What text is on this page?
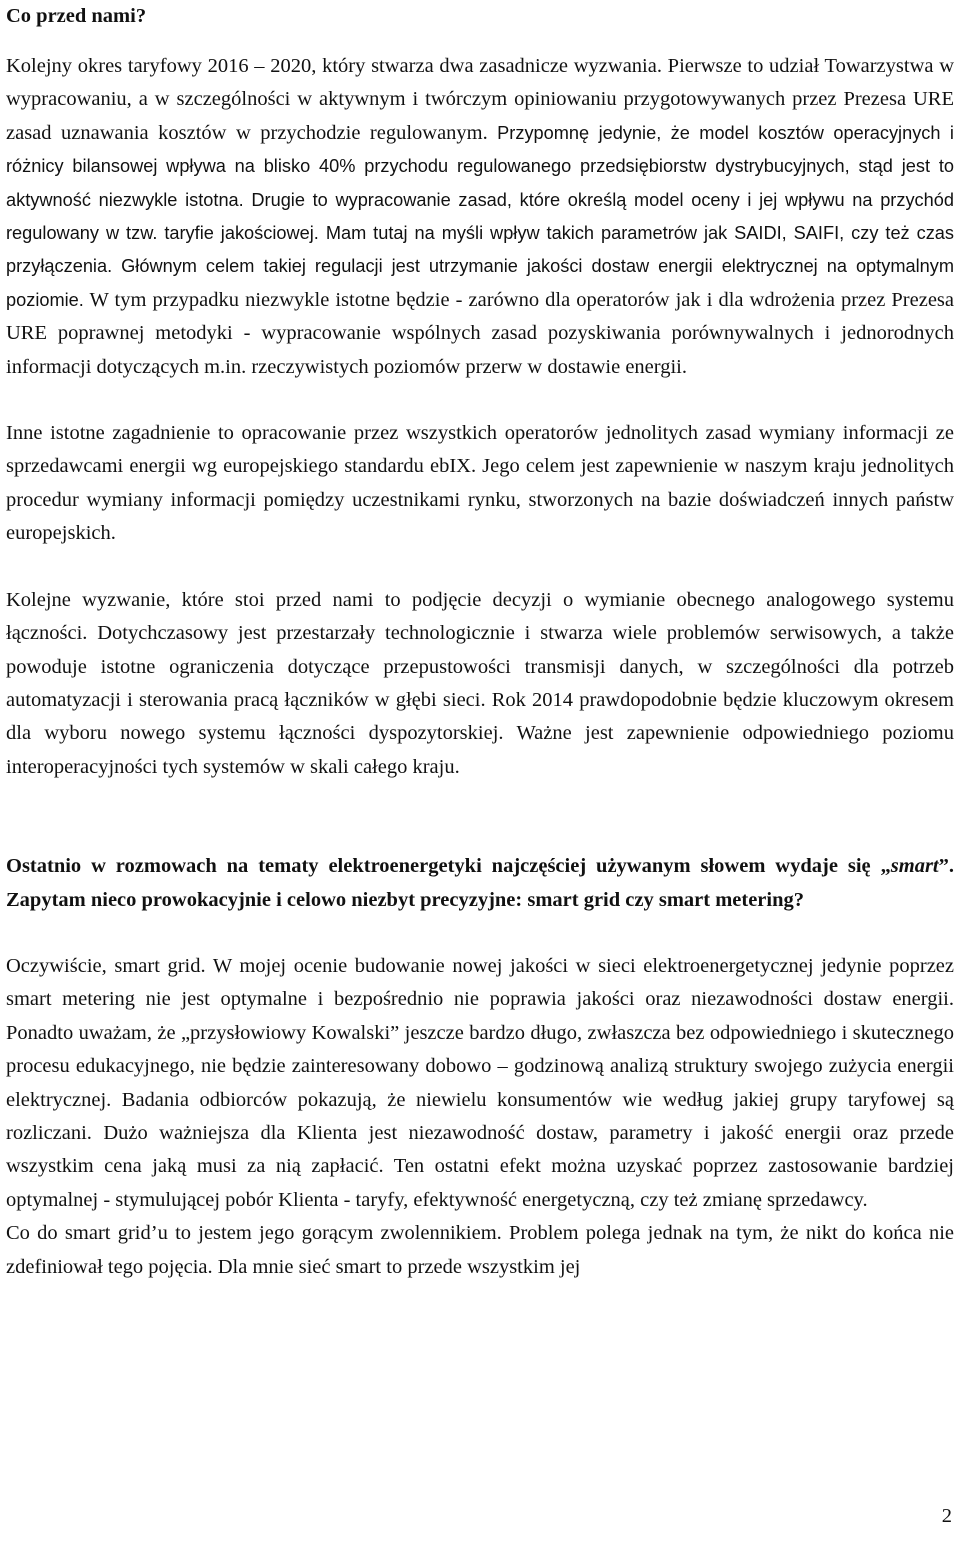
Co przed nami?

Kolejny okres taryfowy 2016 – 2020, który stwarza dwa zasadnicze wyzwania. Pierwsze to udział Towarzystwa w wypracowaniu, a w szczególności w aktywnym i twórczym opiniowaniu przygotowywanych przez Prezesa URE zasad uznawania kosztów w przychodzie regulowanym. Przypomnę jedynie, że model kosztów operacyjnych i różnicy bilansowej wpływa na blisko 40% przychodu regulowanego przedsiębiorstw dystrybucyjnych, stąd jest to aktywność niezwykle istotna. Drugie to wypracowanie zasad, które określą model oceny i jej wpływu na przychód regulowany w tzw. taryfie jakościowej. Mam tutaj na myśli wpływ takich parametrów jak SAIDI, SAIFI, czy też czas przyłączenia. Głównym celem takiej regulacji jest utrzymanie jakości dostaw energii elektrycznej na optymalnym poziomie. W tym przypadku niezwykle istotne będzie - zarówno dla operatorów jak i dla wdrożenia przez Prezesa URE poprawnej metodyki - wypracowanie wspólnych zasad pozyskiwania porównywalnych i jednorodnych informacji dotyczących m.in. rzeczywistych poziomów przerw w dostawie energii.

Inne istotne zagadnienie to opracowanie przez wszystkich operatorów jednolitych zasad wymiany informacji ze sprzedawcami energii wg europejskiego standardu ebIX. Jego celem jest zapewnienie w naszym kraju jednolitych procedur wymiany informacji pomiędzy uczestnikami rynku, stworzonych na bazie doświadczeń innych państw europejskich.

Kolejne wyzwanie, które stoi przed nami to podjęcie decyzji o wymianie obecnego analogowego systemu łączności. Dotychczasowy jest przestarzały technologicznie i stwarza wiele problemów serwisowych, a także powoduje istotne ograniczenia dotyczące przepustowości transmisji danych, w szczególności dla potrzeb automatyzacji i sterowania pracą łączników w głębi sieci. Rok 2014 prawdopodobnie będzie kluczowym okresem dla wyboru nowego systemu łączności dyspozytorskiej. Ważne jest zapewnienie odpowiedniego poziomu interoperacyjności tych systemów w skali całego kraju.

Ostatnio w rozmowach na tematy elektroenergetyki najczęściej używanym słowem wydaje się „smart”. Zapytam nieco prowokacyjnie i celowo niezbyt precyzyjne: smart grid czy smart metering?

Oczywiście, smart grid. W mojej ocenie budowanie nowej jakości w sieci elektroenergetycznej jedynie poprzez smart metering nie jest optymalne i bezpośrednio nie poprawia jakości oraz niezawodności dostaw energii. Ponadto uważam, że „przysłowiowy Kowalski” jeszcze bardzo długo, zwłaszcza bez odpowiedniego i skutecznego procesu edukacyjnego, nie będzie zainteresowany dobowo – godzinową analizą struktury swojego zużycia energii elektrycznej. Badania odbiorców pokazują, że niewielu konsumentów wie według jakiej grupy taryfowej są rozliczani. Dużo ważniejsza dla Klienta jest niezawodność dostaw, parametry i jakość energii oraz przede wszystkim cena jaką musi za nią zapłacić. Ten ostatni efekt można uzyskać poprzez zastosowanie bardziej optymalnej - stymulującej pobór Klienta - taryfy, efektywność energetyczną, czy też zmianę sprzedawcy.

Co do smart grid’u to jestem jego gorącym zwolennikiem. Problem polega jednak na tym, że nikt do końca nie zdefiniował tego pojęcia. Dla mnie sieć smart to przede wszystkim jej

2
